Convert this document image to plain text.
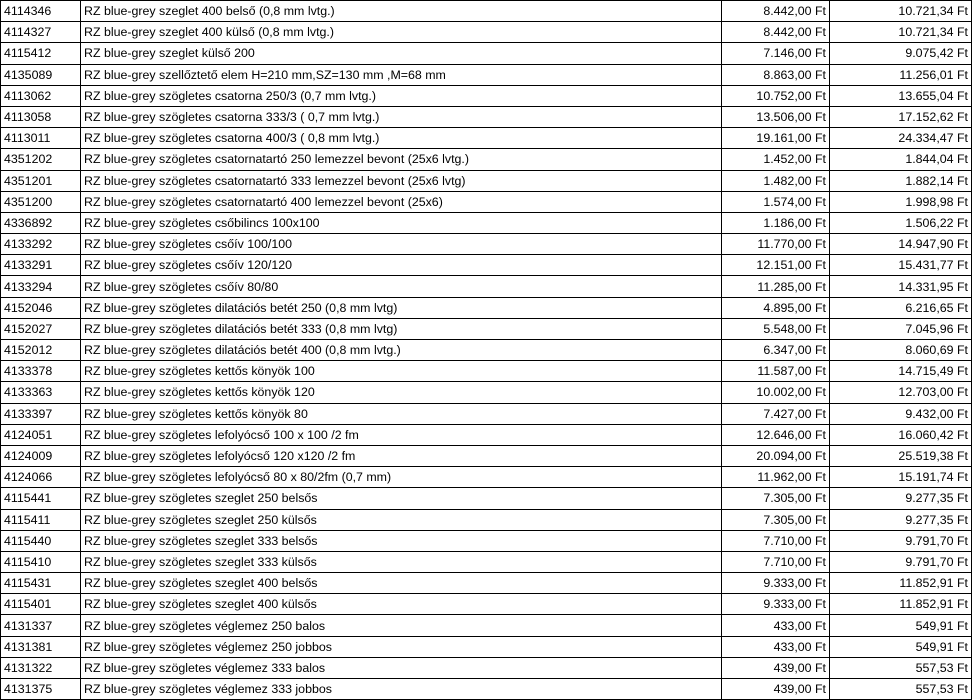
4114346	RZ blue-grey szeglet 400 belső (0,8 mm lvtg.)	8.442,00 Ft	10.721,34 Ft
4114327	RZ blue-grey szeglet 400 külső (0,8 mm lvtg.)	8.442,00 Ft	10.721,34 Ft
4115412	RZ blue-grey szeglet külső 200	7.146,00 Ft	9.075,42 Ft
4135089	RZ blue-grey szellőztető elem H=210 mm,SZ=130 mm ,M=68 mm	8.863,00 Ft	11.256,01 Ft
4113062	RZ blue-grey szögletes csatorna 250/3 (0,7 mm lvtg.)	10.752,00 Ft	13.655,04 Ft
4113058	RZ blue-grey szögletes csatorna 333/3 ( 0,7 mm lvtg.)	13.506,00 Ft	17.152,62 Ft
4113011	RZ blue-grey szögletes csatorna 400/3 ( 0,8 mm lvtg.)	19.161,00 Ft	24.334,47 Ft
4351202	RZ blue-grey szögletes csatornatartó 250 lemezzel bevont (25x6 lvtg.)	1.452,00 Ft	1.844,04 Ft
4351201	RZ blue-grey szögletes csatornatartó 333 lemezzel bevont (25x6 lvtg)	1.482,00 Ft	1.882,14 Ft
4351200	RZ blue-grey szögletes csatornatartó 400 lemezzel bevont (25x6)	1.574,00 Ft	1.998,98 Ft
4336892	RZ blue-grey szögletes csőbilincs 100x100	1.186,00 Ft	1.506,22 Ft
4133292	RZ blue-grey szögletes csőív 100/100	11.770,00 Ft	14.947,90 Ft
4133291	RZ blue-grey szögletes csőív 120/120	12.151,00 Ft	15.431,77 Ft
4133294	RZ blue-grey szögletes csőív 80/80	11.285,00 Ft	14.331,95 Ft
4152046	RZ blue-grey szögletes dilatációs betét 250 (0,8 mm lvtg)	4.895,00 Ft	6.216,65 Ft
4152027	RZ blue-grey szögletes dilatációs betét 333 (0,8 mm lvtg)	5.548,00 Ft	7.045,96 Ft
4152012	RZ blue-grey szögletes dilatációs betét 400 (0,8 mm lvtg.)	6.347,00 Ft	8.060,69 Ft
4133378	RZ blue-grey szögletes kettős könyök 100	11.587,00 Ft	14.715,49 Ft
4133363	RZ blue-grey szögletes kettős könyök 120	10.002,00 Ft	12.703,00 Ft
4133397	RZ blue-grey szögletes kettős könyök 80	7.427,00 Ft	9.432,00 Ft
4124051	RZ blue-grey szögletes lefolyócső 100 x 100 /2 fm	12.646,00 Ft	16.060,42 Ft
4124009	RZ blue-grey szögletes lefolyócső 120 x120 /2 fm	20.094,00 Ft	25.519,38 Ft
4124066	RZ blue-grey szögletes lefolyócső 80 x 80/2fm (0,7 mm)	11.962,00 Ft	15.191,74 Ft
4115441	RZ blue-grey szögletes szeglet 250 belsős	7.305,00 Ft	9.277,35 Ft
4115411	RZ blue-grey szögletes szeglet 250 külsős	7.305,00 Ft	9.277,35 Ft
4115440	RZ blue-grey szögletes szeglet 333 belsős	7.710,00 Ft	9.791,70 Ft
4115410	RZ blue-grey szögletes szeglet 333 külsős	7.710,00 Ft	9.791,70 Ft
4115431	RZ blue-grey szögletes szeglet 400 belsős	9.333,00 Ft	11.852,91 Ft
4115401	RZ blue-grey szögletes szeglet 400 külsős	9.333,00 Ft	11.852,91 Ft
4131337	RZ blue-grey szögletes véglemez 250 balos	433,00 Ft	549,91 Ft
4131381	RZ blue-grey szögletes véglemez 250 jobbos	433,00 Ft	549,91 Ft
4131322	RZ blue-grey szögletes véglemez 333 balos	439,00 Ft	557,53 Ft
4131375	RZ blue-grey szögletes véglemez 333 jobbos	439,00 Ft	557,53 Ft
